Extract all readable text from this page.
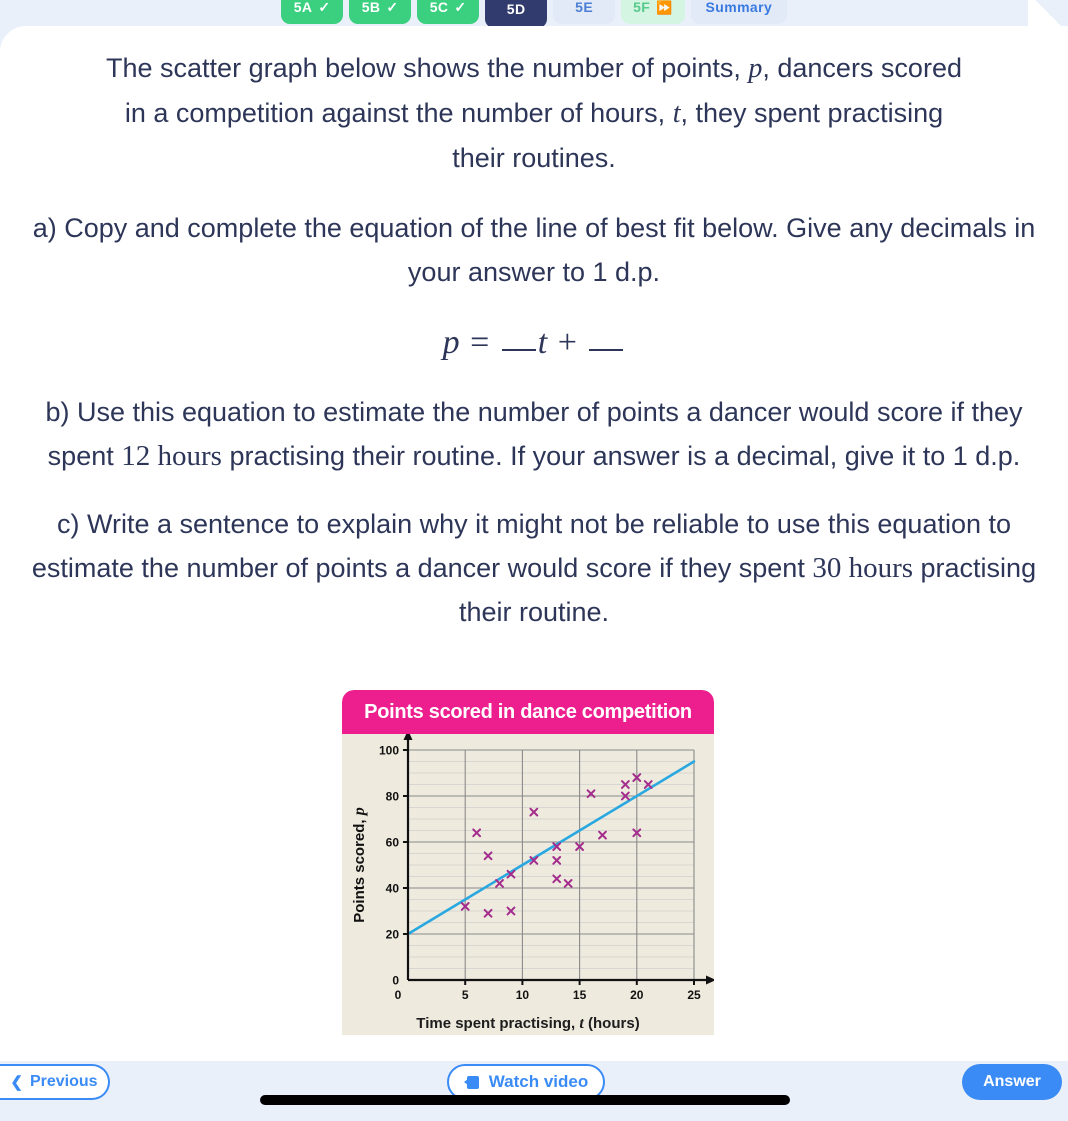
5A ✓ 5B ✓ 5C ✓	5D	5E	5F ⏩ Summary

The scatter graph below shows the number of points, p, dancers scored
in a competition against the number of hours, t, they spent practising
their routines.

a) Copy and complete the equation of the line of best fit below. Give any decimals in your answer to 1 d.p.

p = t +

b) Use this equation to estimate the number of points a dancer would score if they spent 12 hours practising their routine. If your answer is a decimal, give it to 1 d.p.

c) Write a sentence to explain why it might not be reliable to use this equation to estimate the number of points a dancer would score if they spent 30 hours practising their routine.

Points scored in dance competition
0
20
40
60
80
100
0	5	10	15	20	25
Points scored, p
Time spent practising, t (hours)
❮ Previous	Watch video	Answer
